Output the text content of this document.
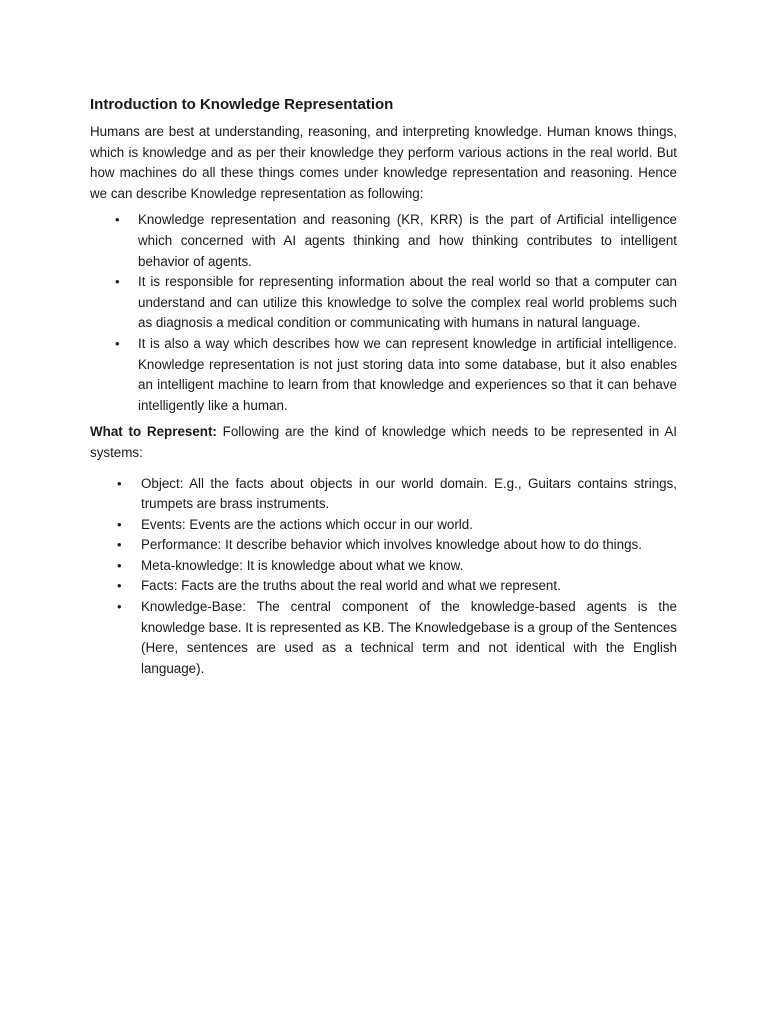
Introduction to Knowledge Representation

Humans are best at understanding, reasoning, and interpreting knowledge. Human knows things, which is knowledge and as per their knowledge they perform various actions in the real world. But how machines do all these things comes under knowledge representation and reasoning. Hence we can describe Knowledge representation as following:

• Knowledge representation and reasoning (KR, KRR) is the part of Artificial intelligence which concerned with AI agents thinking and how thinking contributes to intelligent behavior of agents.
• It is responsible for representing information about the real world so that a computer can understand and can utilize this knowledge to solve the complex real world problems such as diagnosis a medical condition or communicating with humans in natural language.
• It is also a way which describes how we can represent knowledge in artificial intelligence. Knowledge representation is not just storing data into some database, but it also enables an intelligent machine to learn from that knowledge and experiences so that it can behave intelligently like a human.

What to Represent: Following are the kind of knowledge which needs to be represented in AI systems:

• Object: All the facts about objects in our world domain. E.g., Guitars contains strings, trumpets are brass instruments.
• Events: Events are the actions which occur in our world.
• Performance: It describe behavior which involves knowledge about how to do things.
• Meta-knowledge: It is knowledge about what we know.
• Facts: Facts are the truths about the real world and what we represent.
• Knowledge-Base: The central component of the knowledge-based agents is the knowledge base. It is represented as KB. The Knowledgebase is a group of the Sentences (Here, sentences are used as a technical term and not identical with the English language).
